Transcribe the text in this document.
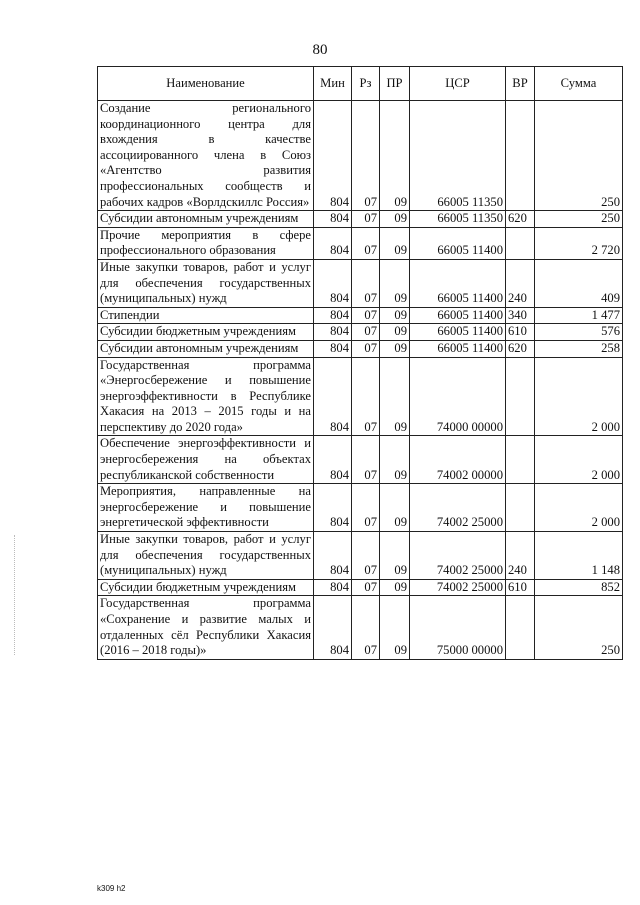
80
Наименование	Мин	Рз	ПР	ЦСР	ВР	Сумма
Создание регионального координационного центра для вхождения в качестве ассоциированного члена в Союз «Агентство развития профессиональных сообществ и рабочих кадров «Ворлдскиллс Россия»	804	07	09	66005 11350		250
Субсидии автономным учреждениям	804	07	09	66005 11350	620	250
Прочие мероприятия в сфере профессионального образования	804	07	09	66005 11400		2 720
Иные закупки товаров, работ и услуг для обеспечения государственных (муниципальных) нужд	804	07	09	66005 11400	240	409
Стипендии	804	07	09	66005 11400	340	1 477
Субсидии бюджетным учреждениям	804	07	09	66005 11400	610	576
Субсидии автономным учреждениям	804	07	09	66005 11400	620	258
Государственная программа «Энергосбережение и повышение энергоэффективности в Республике Хакасия на 2013 – 2015 годы и на перспективу до 2020 года»	804	07	09	74000 00000		2 000
Обеспечение энергоэффективности и энергосбережения на объектах республиканской собственности	804	07	09	74002 00000		2 000
Мероприятия, направленные на энергосбережение и повышение энергетической эффективности	804	07	09	74002 25000		2 000
Иные закупки товаров, работ и услуг для обеспечения государственных (муниципальных) нужд	804	07	09	74002 25000	240	1 148
Субсидии бюджетным учреждениям	804	07	09	74002 25000	610	852
Государственная программа «Сохранение и развитие малых и отдаленных сёл Республики Хакасия (2016 – 2018 годы)»	804	07	09	75000 00000		250
k309 h2
